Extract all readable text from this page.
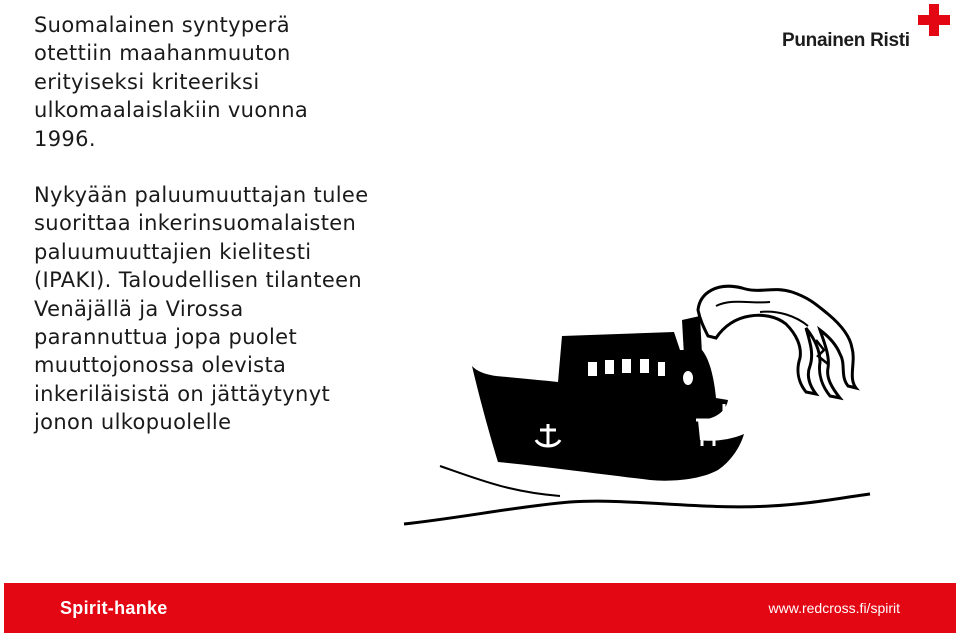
Suomalainen syntyperä
otettiin maahanmuuton
erityiseksi kriteeriksi
ulkomaalaislakiin vuonna
1996.
Nykyään paluumuuttajan tulee
suorittaa inkerinsuomalaisten
paluumuuttajien kielitesti
(IPAKI). Taloudellisen tilanteen
Venäjällä ja Virossa
parannuttua jopa puolet
muuttojonossa olevista
inkeriläisistä on jättäytynyt
jonon ulkopuolelle
Punainen Risti
Spirit-hanke	www.redcross.fi/spirit
